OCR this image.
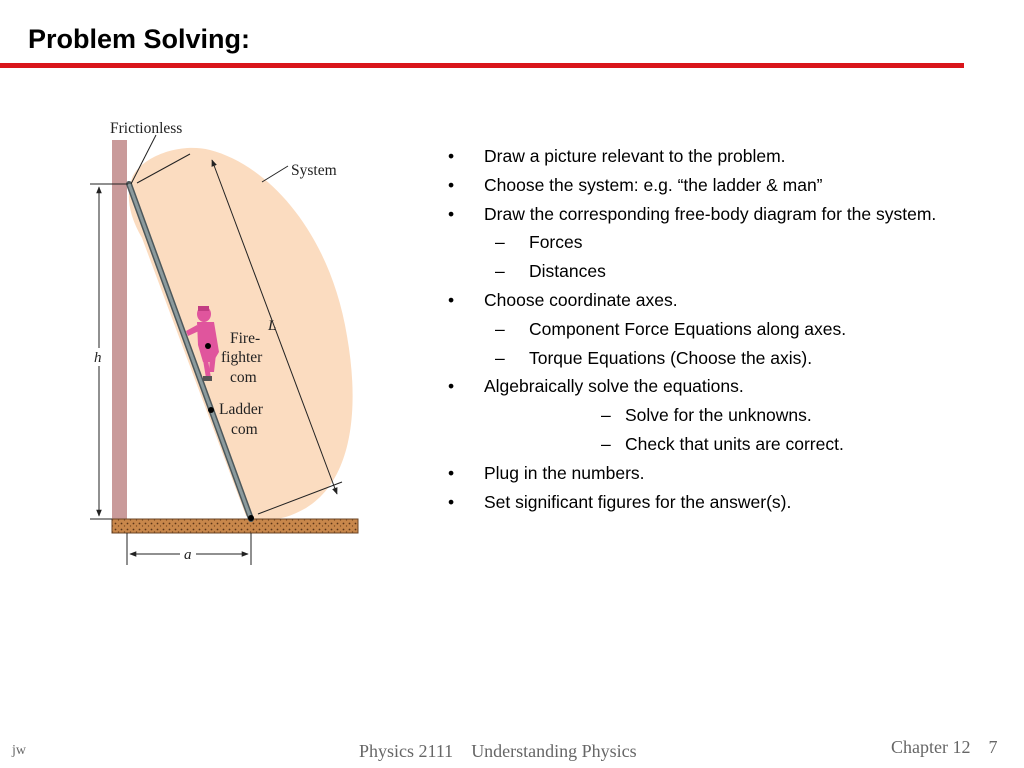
Problem Solving:
Frictionless
System
L
h
a
Fire-
fighter
com
Ladder
com
• Draw a picture relevant to the problem.
• Choose the system: e.g. “the ladder & man”
• Draw the corresponding free-body diagram for the system.
– Forces
– Distances
• Choose coordinate axes.
– Component Force Equations along axes.
– Torque Equations (Choose the axis).
• Algebraically solve the equations.
– Solve for the unknowns.
– Check that units are correct.
• Plug in the numbers.
• Set significant figures for the answer(s).
jw	Physics 2111 Understanding Physics	Chapter 12 7
